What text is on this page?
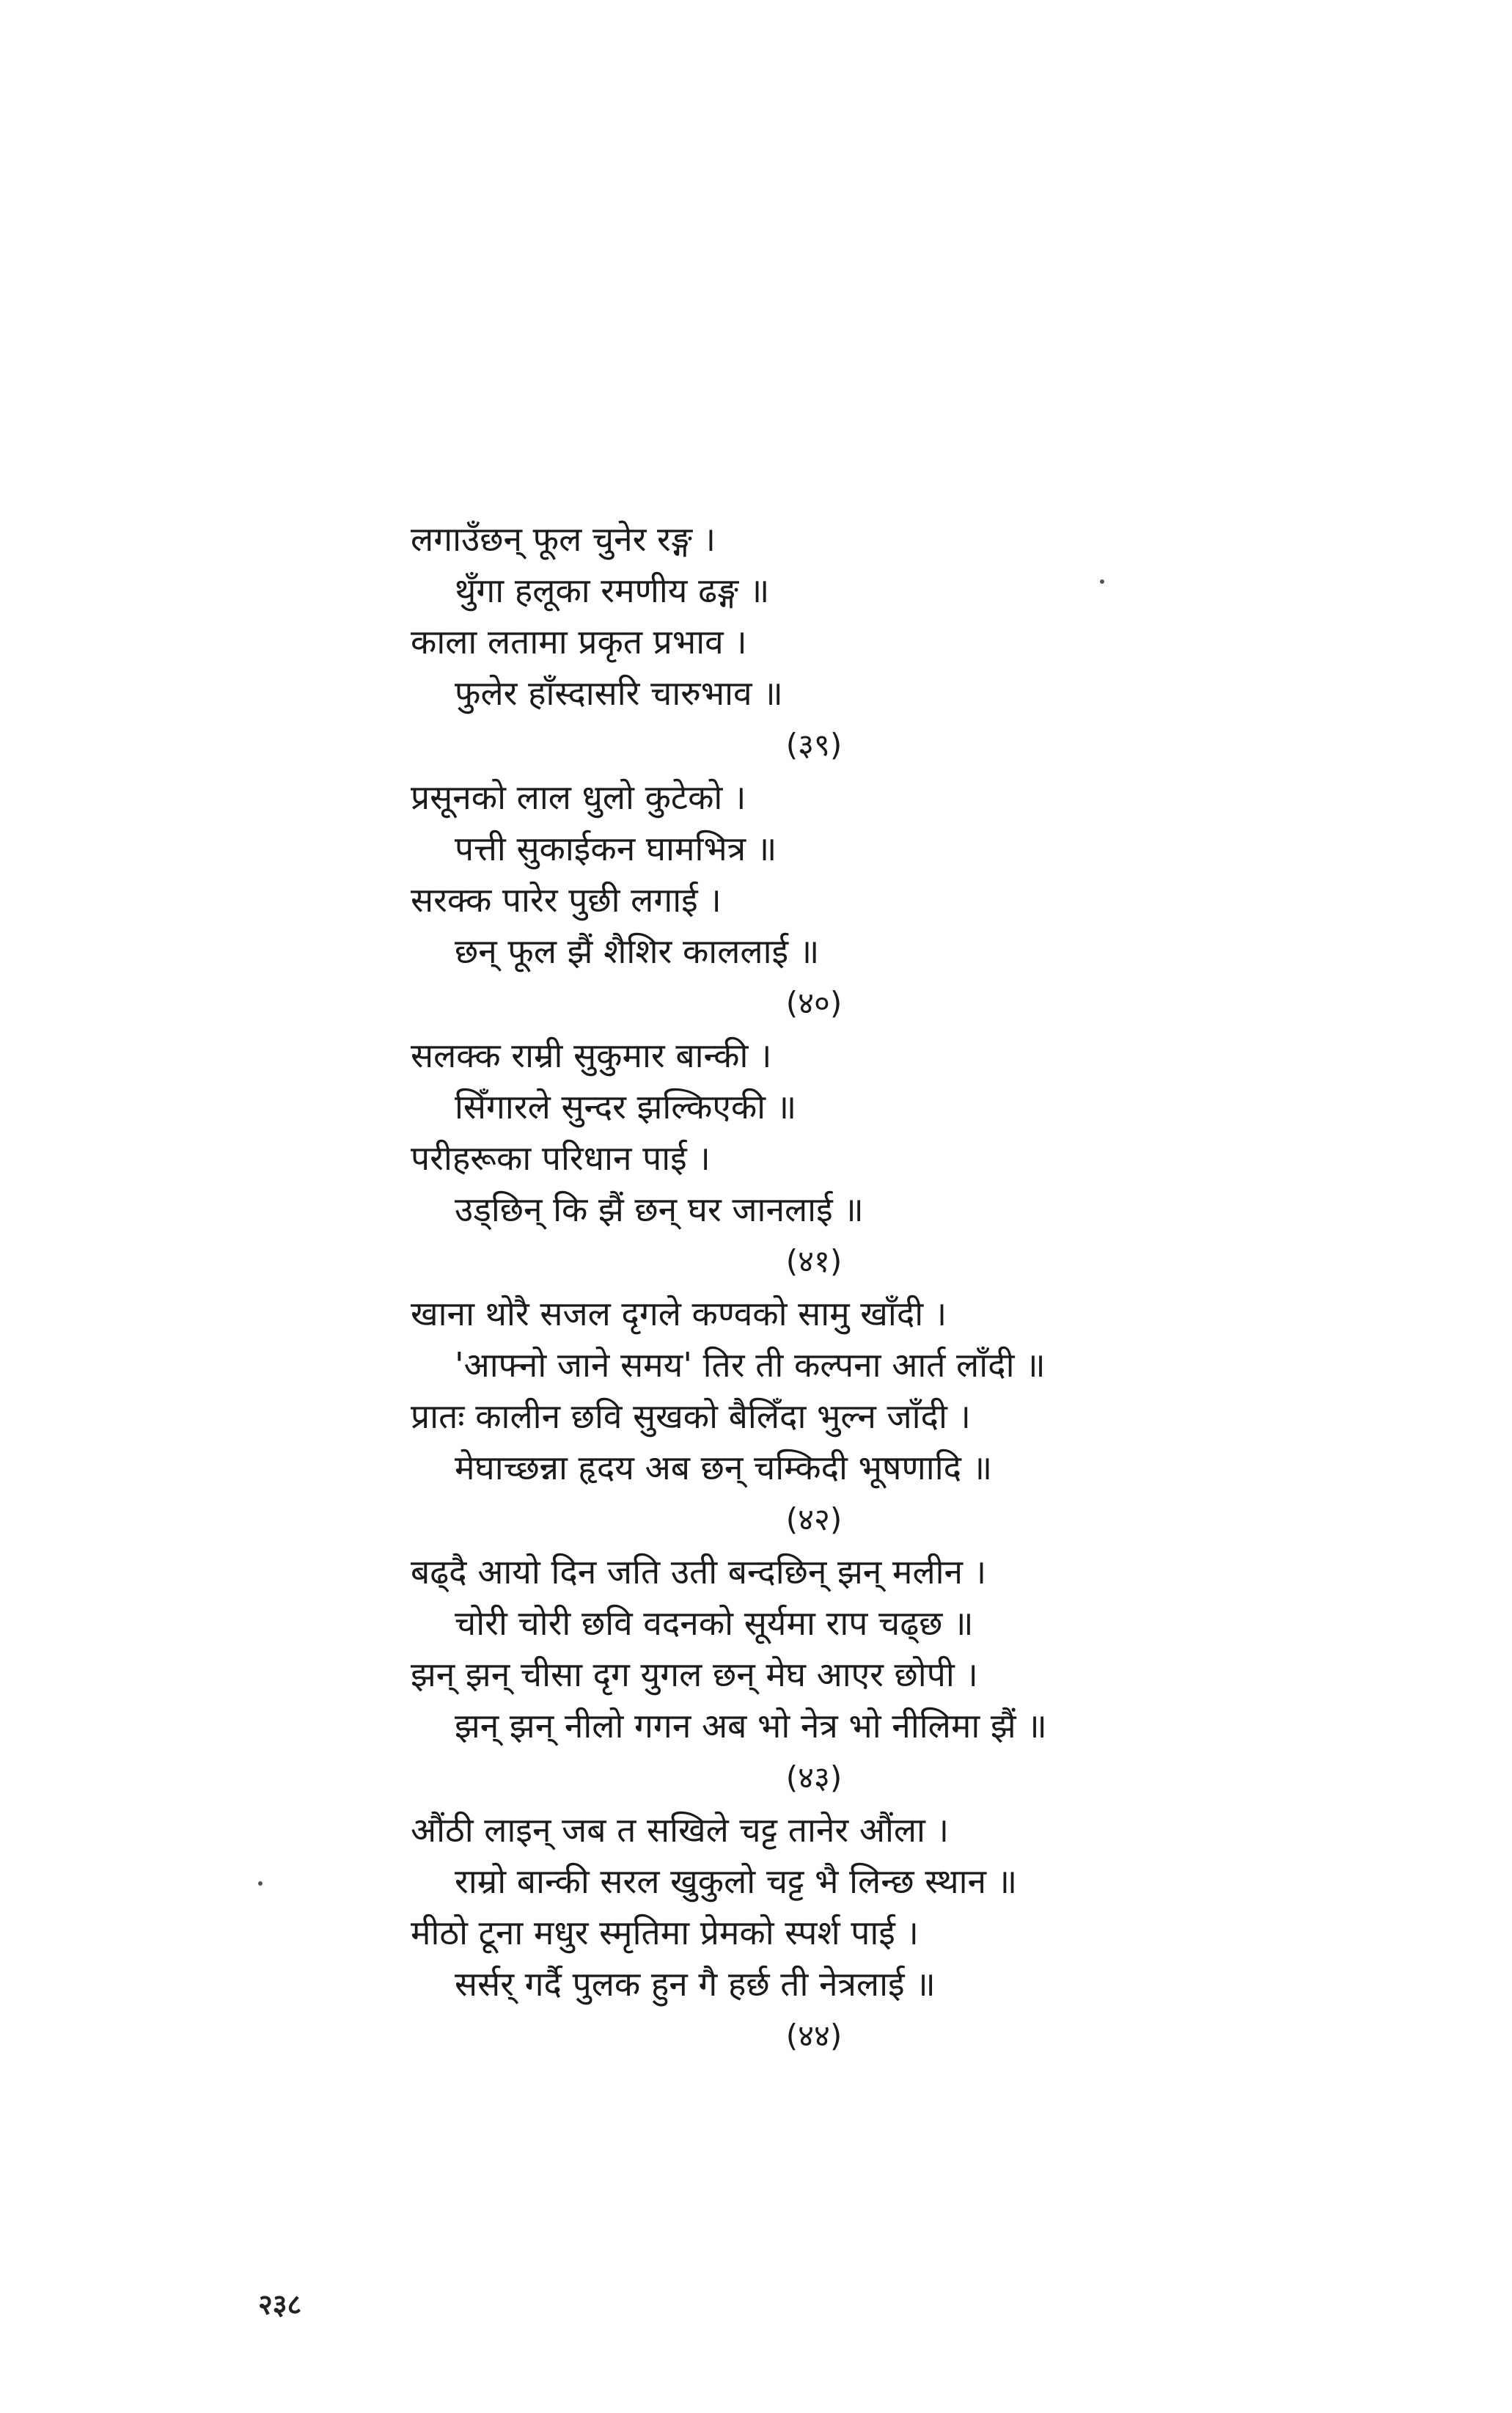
लगाउँछन् फूल चुनेर रङ्ग ।
थुँगा हलूका रमणीय ढङ्ग ॥
काला लतामा प्रकृत प्रभाव ।
फुलेर हाँस्दासरि चारुभाव ॥
(३९)
प्रसूनको लाल धुलो कुटेको ।
पत्ती सुकाईकन घामभित्र ॥
सरक्क पारेर पुछी लगाई ।
छन् फूल झैं शैशिर काललाई ॥
(४०)
सलक्क राम्री सुकुमार बान्की ।
सिँगारले सुन्दर झल्किएकी ॥
परीहरूका परिधान पाई ।
उड्छिन् कि झैं छन् घर जानलाई ॥
(४१)
खाना थोरै सजल दृगले कण्वको सामु खाँदी ।
'आफ्नो जाने समय' तिर ती कल्पना आर्त लाँदी ॥
प्रातः कालीन छवि सुखको बैलिँदा भुल्न जाँदी ।
मेघाच्छन्ना हृदय अब छन् चम्किदी भूषणादि ॥
(४२)
बढ्दै आयो दिन जति उती बन्दछिन् झन् मलीन ।
चोरी चोरी छवि वदनको सूर्यमा राप चढ्छ ॥
झन् झन् चीसा दृग युगल छन् मेघ आएर छोपी ।
झन् झन् नीलो गगन अब भो नेत्र भो नीलिमा झैं ॥
(४३)
औंठी लाइन् जब त सखिले चट्ट तानेर औंला ।
राम्रो बान्की सरल खुकुलो चट्ट भै लिन्छ स्थान ॥
मीठो टूना मधुर स्मृतिमा प्रेमको स्पर्श पाई ।
सर्सर् गर्दै पुलक हुन गै हर्छ ती नेत्रलाई ॥
(४४)
२३८
